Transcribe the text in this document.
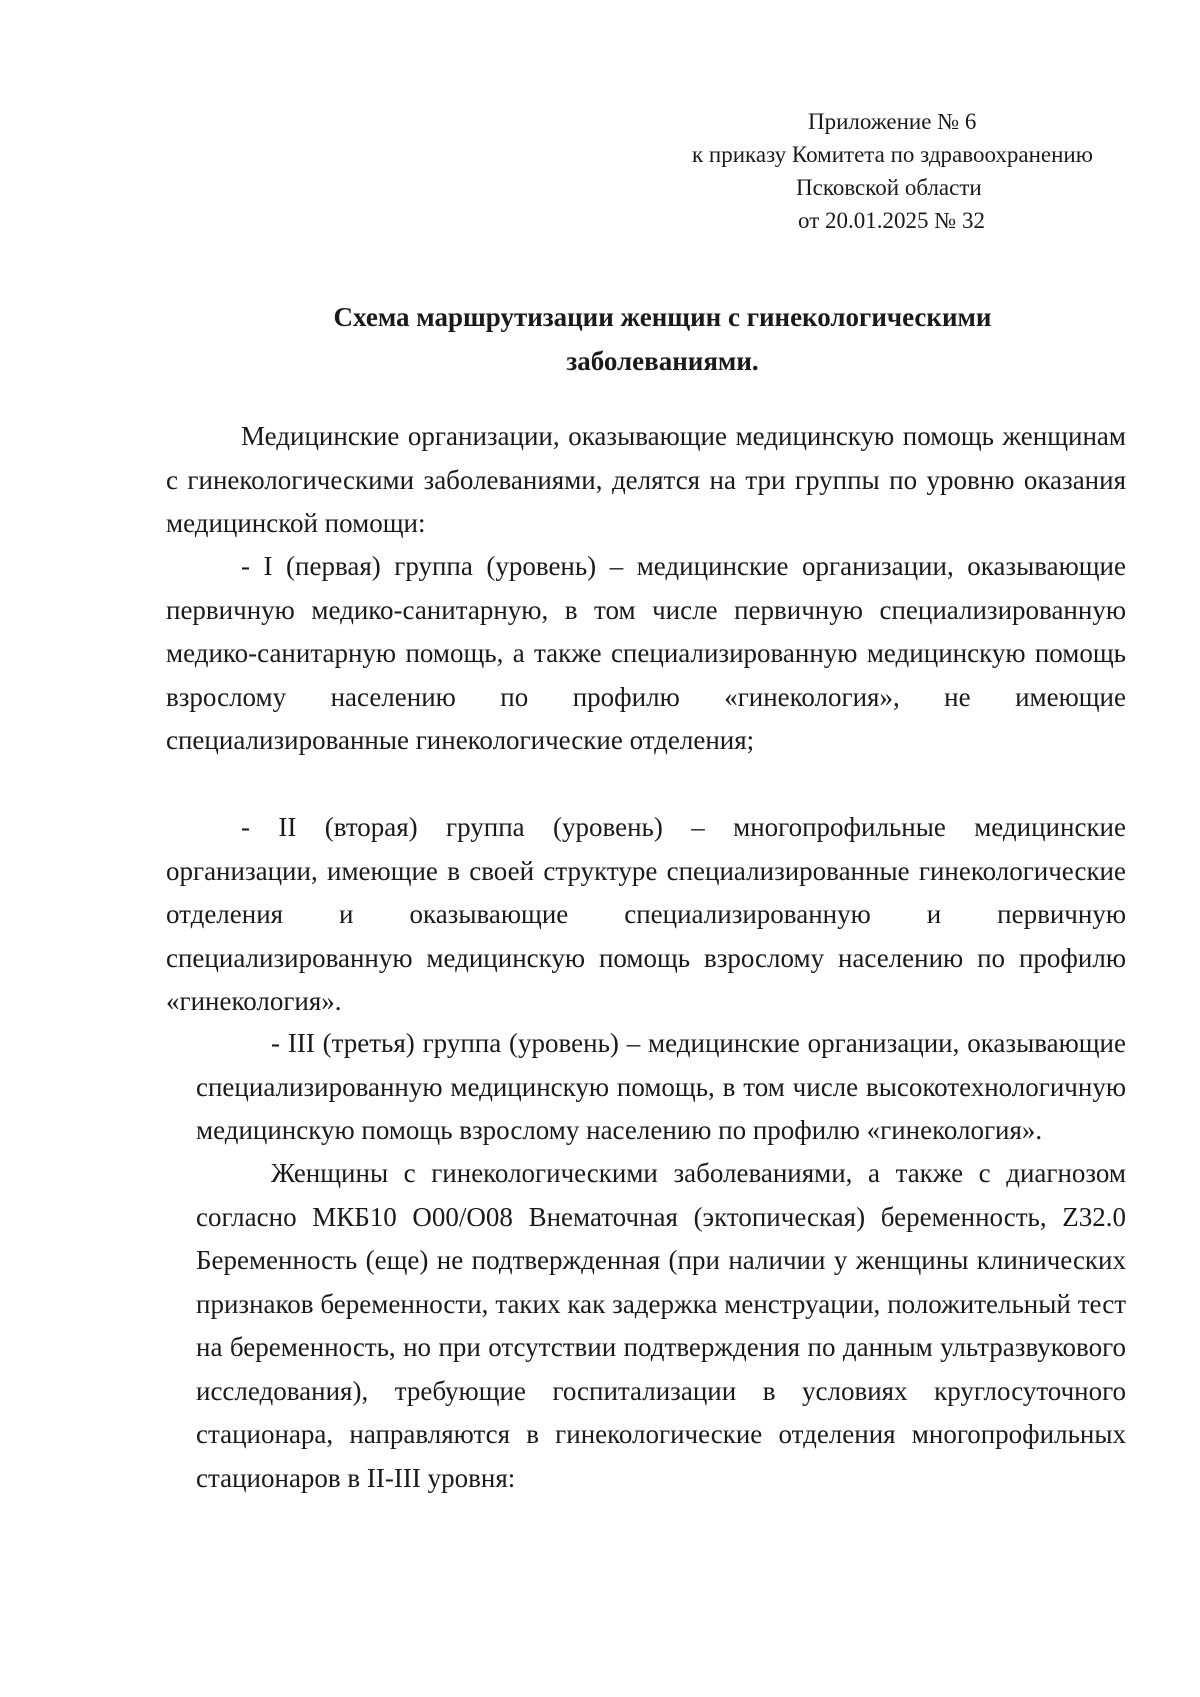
Приложение № 6
к приказу Комитета по здравоохранению
Псковской области
от 20.01.2025 № 32
Схема маршрутизации женщин с гинекологическими
заболеваниями.

Медицинские организации, оказывающие медицинскую помощь женщинам с гинекологическими заболеваниями, делятся на три группы по уровню оказания медицинской помощи:

- I (первая) группа (уровень) – медицинские организации, оказывающие первичную медико-санитарную, в том числе первичную специализированную медико-санитарную помощь, а также специализированную медицинскую помощь взрослому населению по профилю «гинекология», не имеющие специализированные гинекологические отделения;

- II (вторая) группа (уровень) – многопрофильные медицинские организации, имеющие в своей структуре специализированные гинекологические отделения и оказывающие специализированную и первичную специализированную медицинскую помощь взрослому населению по профилю «гинекология».

- III (третья) группа (уровень) – медицинские организации, оказывающие специализированную медицинскую помощь, в том числе высокотехнологичную медицинскую помощь взрослому населению по профилю «гинекология».

Женщины с гинекологическими заболеваниями, а также с диагнозом согласно МКБ10 O00/O08 Внематочная (эктопическая) беременность, Z32.0 Беременность (еще) не подтвержденная (при наличии у женщины клинических признаков беременности, таких как задержка менструации, положительный тест на беременность, но при отсутствии подтверждения по данным ультразвукового исследования), требующие госпитализации в условиях круглосуточного стационара, направляются в гинекологические отделения многопрофильных стационаров в II-III уровня:
